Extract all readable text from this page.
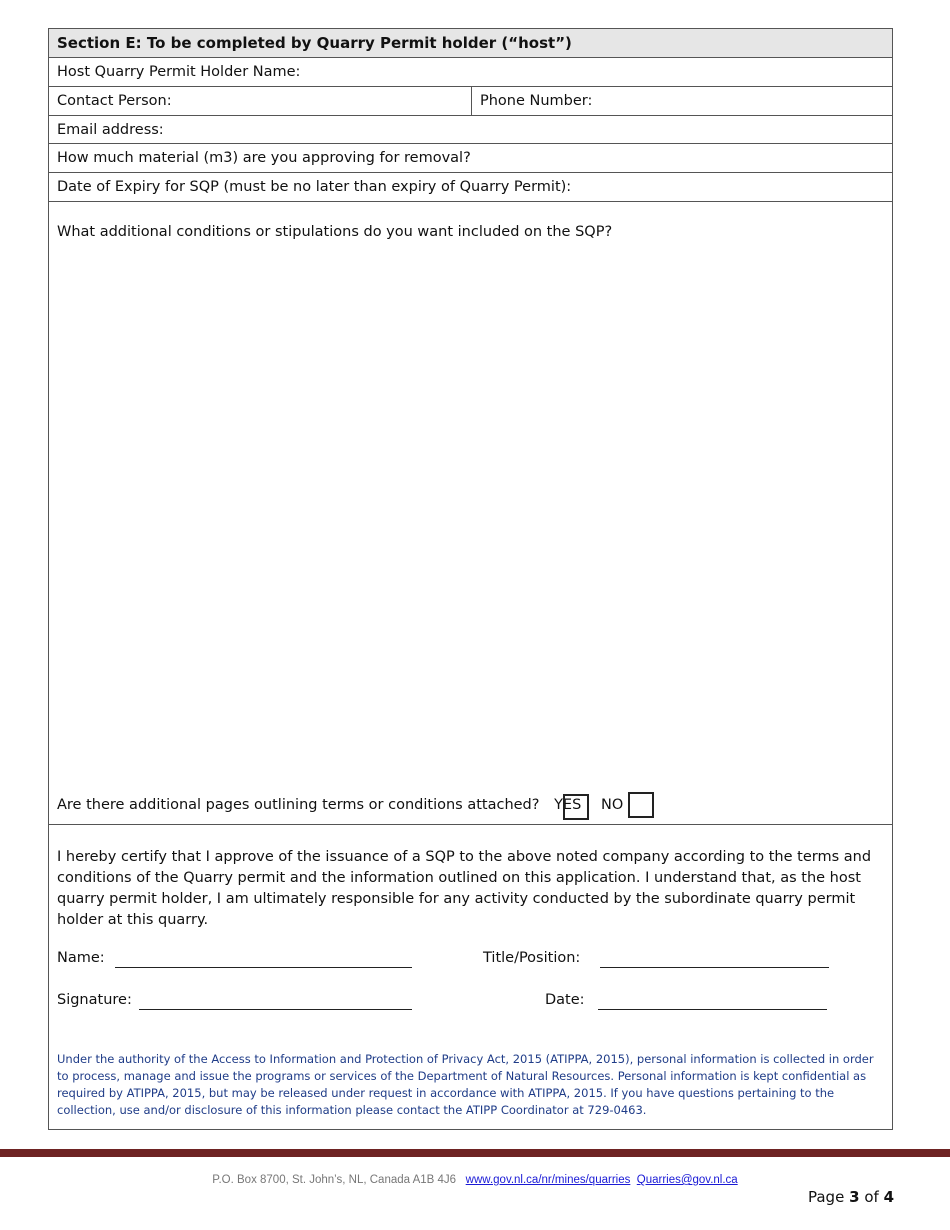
Section E: To be completed by Quarry Permit holder (“host”)
Host Quarry Permit Holder Name:
Contact Person:	Phone Number:
Email address:
How much material (m3) are you approving for removal?
Date of Expiry for SQP (must be no later than expiry of Quarry Permit):
What additional conditions or stipulations do you want included on the SQP?
Are there additional pages outlining terms or conditions attached? YES NO
I hereby certify that I approve of the issuance of a SQP to the above noted company according to the terms and conditions of the Quarry permit and the information outlined on this application. I understand that, as the host quarry permit holder, I am ultimately responsible for any activity conducted by the subordinate quarry permit holder at this quarry.
Name:	Title/Position:
Signature:	Date:
Under the authority of the Access to Information and Protection of Privacy Act, 2015 (ATIPPA, 2015), personal information is collected in order to process, manage and issue the programs or services of the Department of Natural Resources. Personal information is kept confidential as required by ATIPPA, 2015, but may be released under request in accordance with ATIPPA, 2015. If you have questions pertaining to the collection, use and/or disclosure of this information please contact the ATIPP Coordinator at 729-0463.
P.O. Box 8700, St. John’s, NL, Canada A1B 4J6 www.gov.nl.ca/nr/mines/quarries Quarries@gov.nl.ca
Page 3 of 4
